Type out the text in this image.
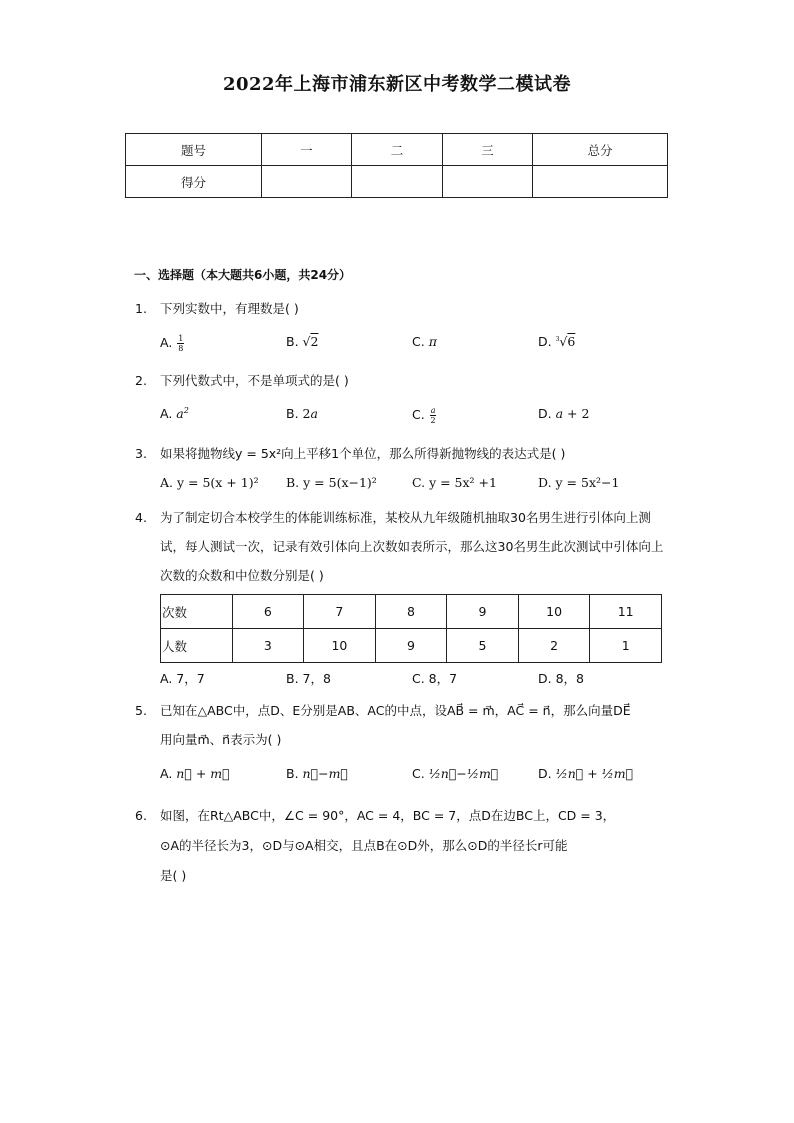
2022年上海市浦东新区中考数学二模试卷
题号	一	二	三	总分
得分				
一、选择题（本大题共6小题，共24分）
1.	下列实数中，有理数是( )
A. $\frac{1}{8}$	B. √2	C. π	D. $^3$√6
2.	下列代数式中，不是单项式的是( )
A. $a^2$	B. 2a	C. $\frac{a}{2}$	D. a + 2
3.	如果将抛物线y = 5x²向上平移1个单位，那么所得新抛物线的表达式是( )
A. y = 5(x + 1)² B. y = 5(x−1)²	C. y = 5x² +1	D. y = 5x²−1
4.	为了制定切合本校学生的体能训练标准，某校从九年级随机抽取30名男生进行引体向上测试，每人测试一次，记录有效引体向上次数如表所示，那么这30名男生此次测试中引体向上次数的众数和中位数分别是( )
次数	6	7	8	9	10	11
人数	3	10	9	5	2	1
A. 7，7	B. 7，8	C. 8，7	D. 8，8
5.	已知在△ABC中，点D、E分别是AB、AC的中点，设AB⃗ = m⃗，AC⃗ = n⃗，那么向量DE⃗
用向量m⃗、n⃗表示为( )
A. n⃗ + m⃗	B. n⃗−m⃗	C. ½n⃗−½m⃗	D. ½n⃗ + ½m⃗
6.	如图，在Rt△ABC中，∠C = 90°，AC = 4，BC = 7，点D在边BC上，CD = 3，
⊙A的半径长为3，⊙D与⊙A相交，且点B在⊙D外，那么⊙D的半径长r可能
是( )
